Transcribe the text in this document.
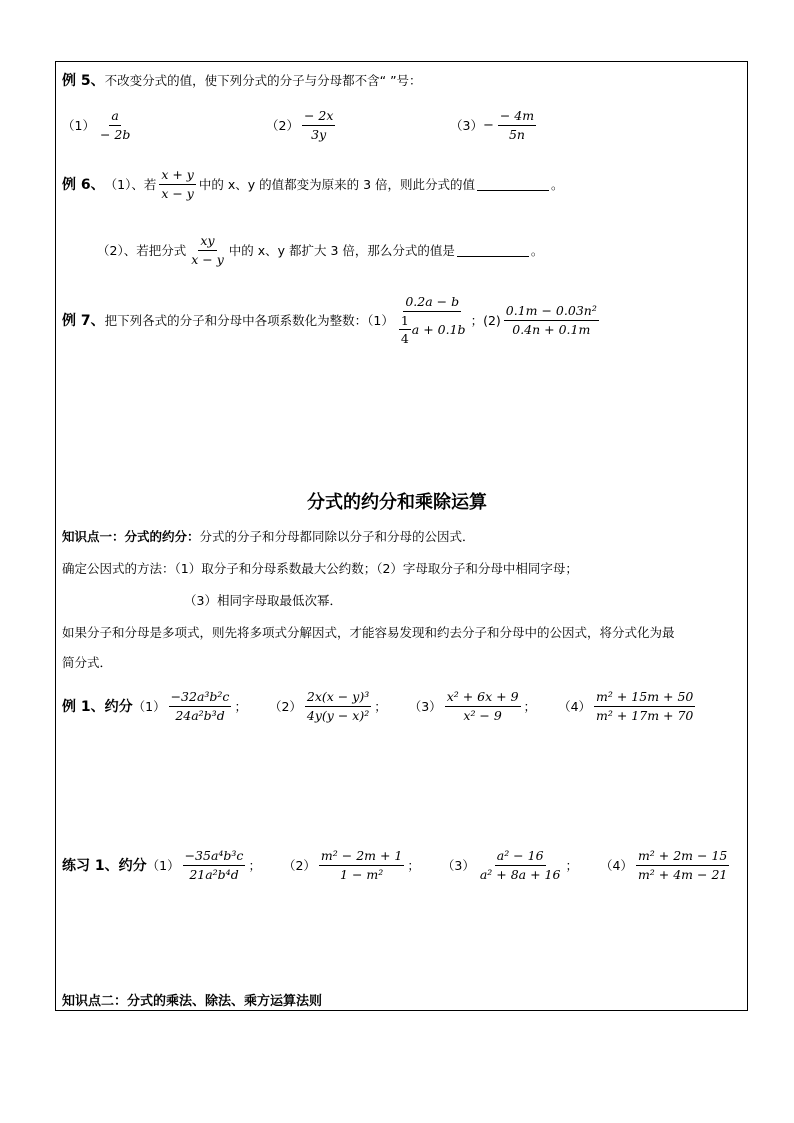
例 5、 不改变分式的值，使下列分式的分子与分母都不含“ ”号：
$(1) \frac{a}{- 2b}$	$(2) \frac{- 2x}{3y}$	$(3) - \frac{- 4m}{5n}$
例 6、 （1）、若 $\frac{x + y}{x - y}$ 中的 x、y 的值都变为原来的 3 倍，则此分式的值	。
（2）、若把分式 $\frac{xy}{x - y}$ 中的 x、y 都扩大 3 倍，那么分式的值是	。
例 7、 把下列各式的分子和分母中各项系数化为整数：$(1) \frac{0.2a - b}{\frac{1}{4} a + 0.1b}$ ；$(2) \frac{\text{0.1m − 0.03n²}}{0.4n + 0.1m}$
分式的约分和乘除运算
知识点一：分式的约分：分式的分子和分母都同除以分子和分母的公因式．
确定公因式的方法：（1）取分子和分母系数最大公约数；（2）字母取分子和分母中相同字母；
（3）相同字母取最低次幂．
如果分子和分母是多项式，则先将多项式分解因式，才能容易发现和约去分子和分母中的公因式，将分式化为最
简分式．
例 1、约分 $(1) \frac{\text{−32a³b²c}}{\text{24a²b³d}}$ ； $(2) \frac{\text{2x(x − y)³}}{\text{4y(y − x)²}}$ ； $(3) \frac{\text{x² + 6x + 9}}{\text{x² − 9}}$ ； $(4) \frac{\text{m² + 15m + 50}}{\text{m² + 17m + 70}}$
练习 1、约分 $(1) \frac{\text{−35a⁴b³c}}{\text{21a²b⁴d}}$ ； $(2) \frac{\text{m² − 2m + 1}}{\text{1 − m²}}$ ； $(3) \frac{\text{a² − 16}}{\text{a² + 8a + 16}}$ ； $(4) \frac{\text{m² + 2m − 15}}{\text{m² + 4m − 21}}$
知识点二：分式的乘法、除法、乘方运算法则
